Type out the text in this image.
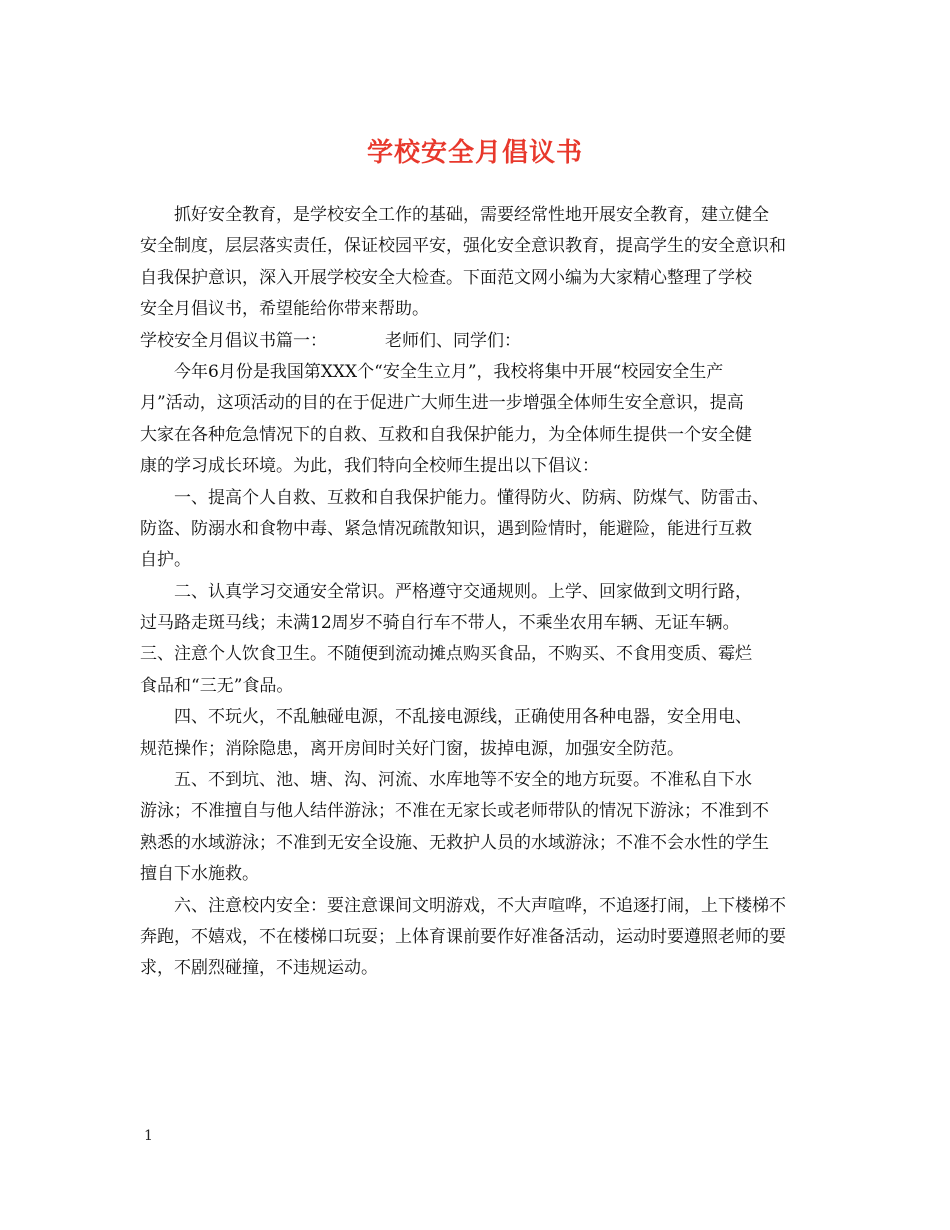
学校安全月倡议书
抓好安全教育，是学校安全工作的基础，需要经常性地开展安全教育，建立健全
安全制度，层层落实责任，保证校园平安，强化安全意识教育，提高学生的安全意识和
自我保护意识，深入开展学校安全大检查。下面范文网小编为大家精心整理了学校
安全月倡议书，希望能给你带来帮助。
学校安全月倡议书篇一：	老师们、同学们：
今年6月份是我国第XXX个“安全生立月”，我校将集中开展“校园安全生产
月”活动，这项活动的目的在于促进广大师生进一步增强全体师生安全意识，提高
大家在各种危急情况下的自救、互救和自我保护能力，为全体师生提供一个安全健
康的学习成长环境。为此，我们特向全校师生提出以下倡议：
一、提高个人自救、互救和自我保护能力。懂得防火、防病、防煤气、防雷击、
防盗、防溺水和食物中毒、紧急情况疏散知识，遇到险情时，能避险，能进行互救
自护。
二、认真学习交通安全常识。严格遵守交通规则。上学、回家做到文明行路，
过马路走斑马线；未满12周岁不骑自行车不带人，不乘坐农用车辆、无证车辆。
三、注意个人饮食卫生。不随便到流动摊点购买食品，不购买、不食用变质、霉烂
食品和“三无”食品。
四、不玩火，不乱触碰电源，不乱接电源线，正确使用各种电器，安全用电、
规范操作；消除隐患，离开房间时关好门窗，拔掉电源，加强安全防范。
五、不到坑、池、塘、沟、河流、水库地等不安全的地方玩耍。不准私自下水
游泳；不准擅自与他人结伴游泳；不准在无家长或老师带队的情况下游泳；不准到不
熟悉的水域游泳；不准到无安全设施、无救护人员的水域游泳；不准不会水性的学生
擅自下水施救。
六、注意校内安全：要注意课间文明游戏，不大声喧哗，不追逐打闹，上下楼梯不
奔跑，不嬉戏，不在楼梯口玩耍；上体育课前要作好准备活动，运动时要遵照老师的要
求，不剧烈碰撞，不违规运动。
1
